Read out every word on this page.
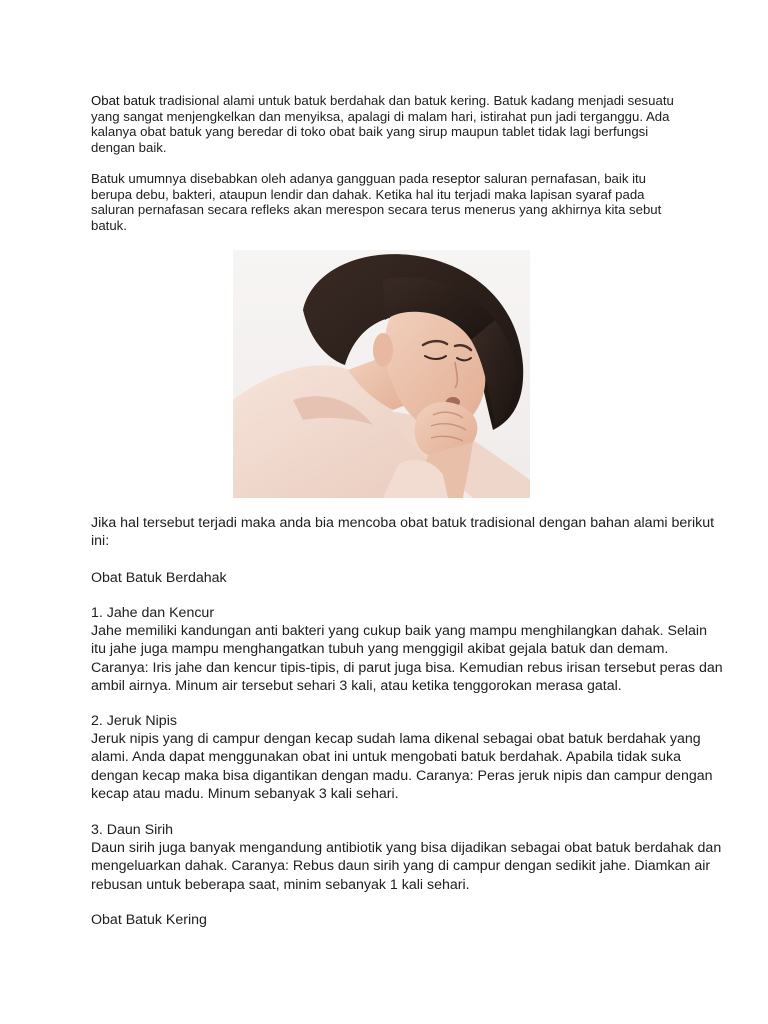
Obat batuk tradisional alami untuk batuk berdahak dan batuk kering. Batuk kadang menjadi sesuatu
yang sangat menjengkelkan dan menyiksa, apalagi di malam hari, istirahat pun jadi terganggu. Ada
kalanya obat batuk yang beredar di toko obat baik yang sirup maupun tablet tidak lagi berfungsi
dengan baik.

Batuk umumnya disebabkan oleh adanya gangguan pada reseptor saluran pernafasan, baik itu
berupa debu, bakteri, ataupun lendir dan dahak. Ketika hal itu terjadi maka lapisan syaraf pada
saluran pernafasan secara refleks akan merespon secara terus menerus yang akhirnya kita sebut
batuk.

Jika hal tersebut terjadi maka anda bia mencoba obat batuk tradisional dengan bahan alami berikut
ini:

Obat Batuk Berdahak

1. Jahe dan Kencur
Jahe memiliki kandungan anti bakteri yang cukup baik yang mampu menghilangkan dahak. Selain
itu jahe juga mampu menghangatkan tubuh yang menggigil akibat gejala batuk dan demam.
Caranya: Iris jahe dan kencur tipis-tipis, di parut juga bisa. Kemudian rebus irisan tersebut peras dan
ambil airnya. Minum air tersebut sehari 3 kali, atau ketika tenggorokan merasa gatal.

2. Jeruk Nipis
Jeruk nipis yang di campur dengan kecap sudah lama dikenal sebagai obat batuk berdahak yang
alami. Anda dapat menggunakan obat ini untuk mengobati batuk berdahak. Apabila tidak suka
dengan kecap maka bisa digantikan dengan madu. Caranya: Peras jeruk nipis dan campur dengan
kecap atau madu. Minum sebanyak 3 kali sehari.

3. Daun Sirih
Daun sirih juga banyak mengandung antibiotik yang bisa dijadikan sebagai obat batuk berdahak dan
mengeluarkan dahak. Caranya: Rebus daun sirih yang di campur dengan sedikit jahe. Diamkan air
rebusan untuk beberapa saat, minim sebanyak 1 kali sehari.

Obat Batuk Kering
